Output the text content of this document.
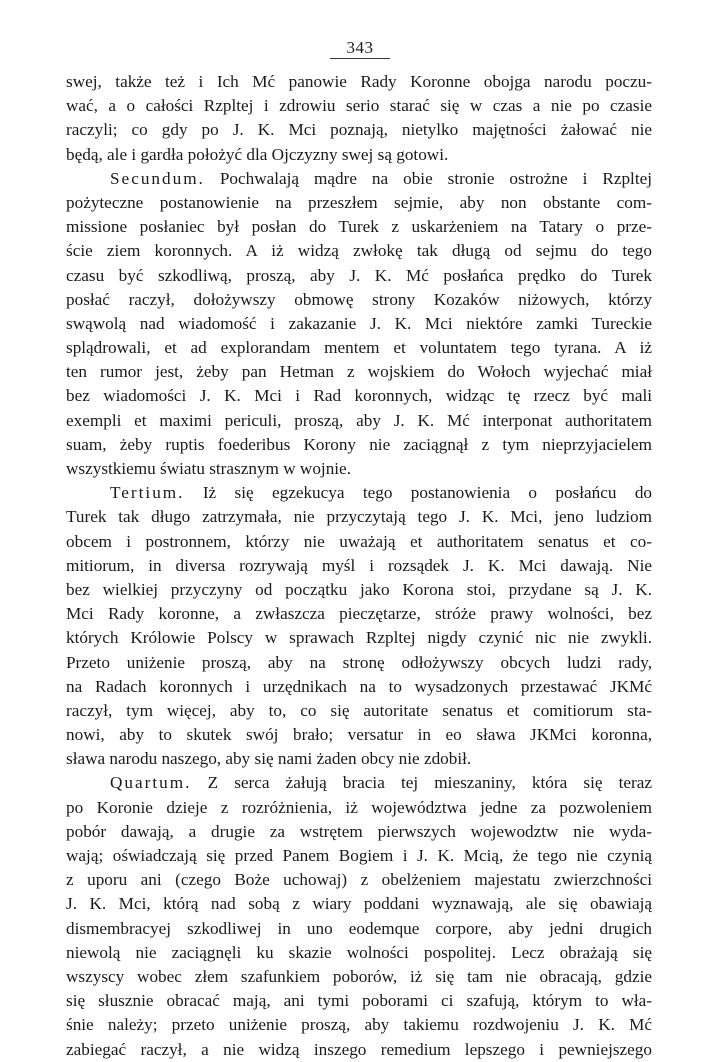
343
swej, także też i Ich Mć panowie Rady Koronne obojga narodu poczu-
wać, a o całości Rzpltej i zdrowiu serio starać się w czas a nie po czasie
raczyli; co gdy po J. K. Mci poznają, nietylko majętności żałować nie
będą, ale i gardła położyć dla Ojczyzny swej są gotowi.
Secundum. Pochwalają mądre na obie stronie ostrożne i Rzpltej
pożyteczne postanowienie na przeszłem sejmie, aby non obstante com-
missione posłaniec był posłan do Turek z uskarżeniem na Tatary o prze-
ście ziem koronnych. A iż widzą zwłokę tak długą od sejmu do tego
czasu być szkodliwą, proszą, aby J. K. Mć posłańca prędko do Turek
posłać raczył, dołożywszy obmowę strony Kozaków niżowych, którzy
swąwolą nad wiadomość i zakazanie J. K. Mci niektóre zamki Tureckie
splądrowali, et ad explorandam mentem et voluntatem tego tyrana. A iż
ten rumor jest, żeby pan Hetman z wojskiem do Wołoch wyjechać miał
bez wiadomości J. K. Mci i Rad koronnych, widząc tę rzecz być mali
exempli et maximi periculi, proszą, aby J. K. Mć interponat authoritatem
suam, żeby ruptis foederibus Korony nie zaciągnął z tym nieprzyjacielem
wszystkiemu światu strasznym w wojnie.
Tertium. Iż się egzekucya tego postanowienia o posłańcu do
Turek tak długo zatrzymała, nie przyczytają tego J. K. Mci, jeno ludziom
obcem i postronnem, którzy nie uważają et authoritatem senatus et co-
mitiorum, in diversa rozrywają myśl i rozsądek J. K. Mci dawają. Nie
bez wielkiej przyczyny od początku jako Korona stoi, przydane są J. K.
Mci Rady koronne, a zwłaszcza pieczętarze, stróże prawy wolności, bez
których Królowie Polscy w sprawach Rzpltej nigdy czynić nic nie zwykli.
Przeto uniżenie proszą, aby na stronę odłożywszy obcych ludzi rady,
na Radach koronnych i urzędnikach na to wysadzonych przestawać JKMć
raczył, tym więcej, aby to, co się autoritate senatus et comitiorum sta-
nowi, aby to skutek swój brało; versatur in eo sława JKMci koronna,
sława narodu naszego, aby się nami żaden obcy nie zdobił.
Quartum. Z serca żałują bracia tej mieszaniny, która się teraz
po Koronie dzieje z rozróżnienia, iż województwa jedne za pozwoleniem
pobór dawają, a drugie za wstrętem pierwszych wojewodztw nie wyda-
wają; oświadczają się przed Panem Bogiem i J. K. Mcią, że tego nie czynią
z uporu ani (czego Boże uchowaj) z obelżeniem majestatu zwierzchności
J. K. Mci, którą nad sobą z wiary poddani wyznawają, ale się obawiają
dismembracyej szkodliwej in uno eodemque corpore, aby jedni drugich
niewolą nie zaciągnęli ku skazie wolności pospolitej. Lecz obrażają się
wszyscy wobec złem szafunkiem poborów, iż się tam nie obracają, gdzie
się słusznie obracać mają, ani tymi poborami ci szafują, którym to wła-
śnie należy; przeto uniżenie proszą, aby takiemu rozdwojeniu J. K. Mć
zabiegać raczył, a nie widzą inszego remedium lepszego i pewniejszego
